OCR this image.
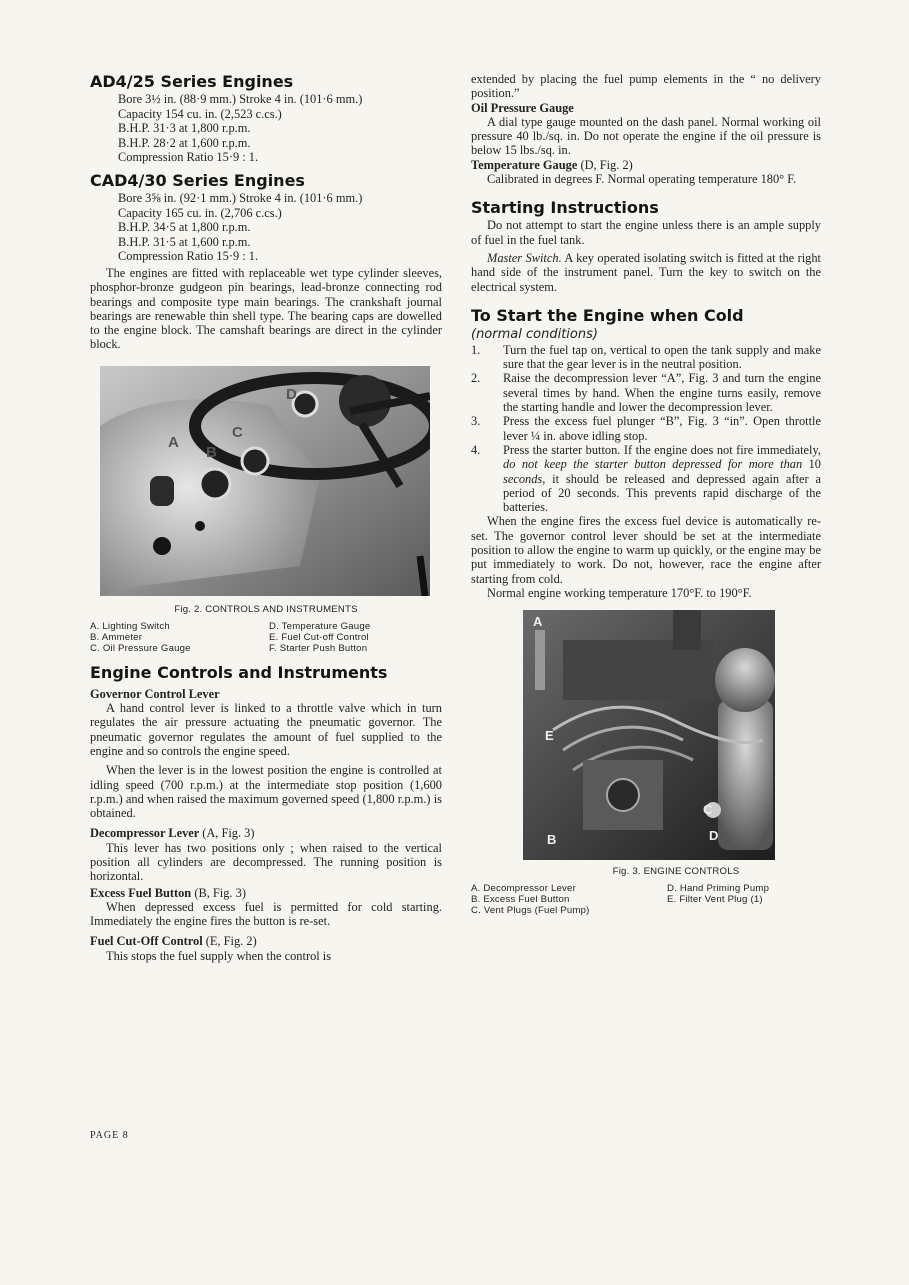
AD4/25 Series Engines
Bore 3½ in. (88·9 mm.) Stroke 4 in. (101·6 mm.)
Capacity 154 cu. in. (2,523 c.cs.)
B.H.P. 31·3 at 1,800 r.p.m.
B.H.P. 28·2 at 1,600 r.p.m.
Compression Ratio 15·9 : 1.
CAD4/30 Series Engines
Bore 3⅝ in. (92·1 mm.) Stroke 4 in. (101·6 mm.)
Capacity 165 cu. in. (2,706 c.cs.)
B.H.P. 34·5 at 1,800 r.p.m.
B.H.P. 31·5 at 1,600 r.p.m.
Compression Ratio 15·9 : 1.

The engines are fitted with replaceable wet type cylinder sleeves, phosphor-bronze gudgeon pin bearings, lead-bronze connecting rod bearings and composite type main bearings. The crankshaft journal bearings are renewable thin shell type. The bearing caps are dowelled to the engine block. The camshaft bearings are direct in the cylinder block.

A
B
C
D
Fig. 2. CONTROLS AND INSTRUMENTS
A. Lighting Switch	D. Temperature Gauge
B. Ammeter	E. Fuel Cut-off Control
C. Oil Pressure Gauge	F. Starter Push Button
Engine Controls and Instruments
Governor Control Lever

A hand control lever is linked to a throttle valve which in turn regulates the air pressure actuating the pneumatic governor. The pneumatic governor regulates the amount of fuel supplied to the engine and so controls the engine speed.

When the lever is in the lowest position the engine is controlled at idling speed (700 r.p.m.) at the intermediate stop position (1,600 r.p.m.) and when raised the maximum governed speed (1,800 r.p.m.) is obtained.

Decompressor Lever (A, Fig. 3)

This lever has two positions only ; when raised to the vertical position all cylinders are decompressed. The running position is horizontal.

Excess Fuel Button (B, Fig. 3)

When depressed excess fuel is permitted for cold starting. Immediately the engine fires the button is re-set.

Fuel Cut-Off Control (E, Fig. 2)

This stops the fuel supply when the control is

extended by placing the fuel pump elements in the “ no delivery position.”

Oil Pressure Gauge

A dial type gauge mounted on the dash panel. Normal working oil pressure 40 lb./sq. in. Do not operate the engine if the oil pressure is below 15 lbs./sq. in.

Temperature Gauge (D, Fig. 2)

Calibrated in degrees F. Normal operating temperature 180° F.

Starting Instructions

Do not attempt to start the engine unless there is an ample supply of fuel in the fuel tank.

Master Switch. A key operated isolating switch is fitted at the right hand side of the instrument panel. Turn the key to switch on the electrical system.

To Start the Engine when Cold
(normal conditions)
1.	Turn the fuel tap on, vertical to open the tank supply and make sure that the gear lever is in the neutral position.
2.	Raise the decompression lever “A”, Fig. 3 and turn the engine several times by hand. When the engine turns easily, remove the starting handle and lower the decompression lever.
3.	Press the excess fuel plunger “B”, Fig. 3 “in”. Open throttle lever ¼ in. above idling stop.
4.	Press the starter button. If the engine does not fire immediately, do not keep the starter button depressed for more than 10 seconds, it should be released and depressed again after a period of 20 seconds. This prevents rapid discharge of the batteries.

When the engine fires the excess fuel device is automatically re-set. The governor control lever should be set at the intermediate position to allow the engine to warm up quickly, or the engine may be put immediately to work. Do not, however, race the engine after starting from cold.

Normal engine working temperature 170°F. to 190°F.

E
B
C
D
A
Fig. 3. ENGINE CONTROLS
A. Decompressor Lever	D. Hand Priming Pump
B. Excess Fuel Button	E. Filter Vent Plug (1)
C. Vent Plugs (Fuel Pump)
PAGE 8
